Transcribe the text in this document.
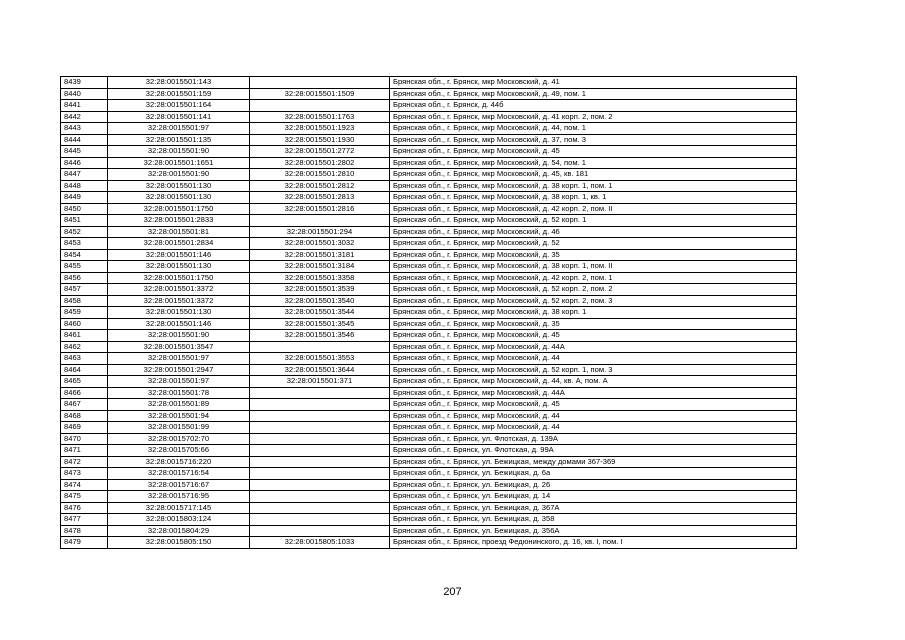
8439	32:28:0015501:143		Брянская обл., г. Брянск, мкр Московский, д. 41
8440	32:28:0015501:159	32:28:0015501:1509	Брянская обл., г. Брянск, мкр Московский, д. 49, пом. 1
8441	32:28:0015501:164		Брянская обл., г. Брянск, д. 44б
8442	32:28:0015501:141	32:28:0015501:1763	Брянская обл., г. Брянск, мкр Московский, д. 41 корп. 2, пом. 2
8443	32:28:0015501:97	32:28:0015501:1923	Брянская обл., г. Брянск, мкр Московский, д. 44, пом. 1
8444	32:28:0015501:135	32:28:0015501:1930	Брянская обл., г. Брянск, мкр Московский, д. 37, пом. 3
8445	32:28:0015501:90	32:28:0015501:2772	Брянская обл., г. Брянск, мкр Московский, д. 45
8446	32:28:0015501:1651	32:28:0015501:2802	Брянская обл., г. Брянск, мкр Московский, д. 54, пом. 1
8447	32:28:0015501:90	32:28:0015501:2810	Брянская обл., г. Брянск, мкр Московский, д. 45, кв. 181
8448	32:28:0015501:130	32:28:0015501:2812	Брянская обл., г. Брянск, мкр Московский, д. 38 корп. 1, пом. 1
8449	32:28:0015501:130	32:28:0015501:2813	Брянская обл., г. Брянск, мкр Московский, д. 38 корп. 1, кв. 1
8450	32:28:0015501:1750	32:28:0015501:2816	Брянская обл., г. Брянск, мкр Московский, д. 42 корп. 2, пом. II
8451	32:28:0015501:2833		Брянская обл., г. Брянск, мкр Московский, д. 52 корп. 1
8452	32:28:0015501:81	32:28:0015501:294	Брянская обл., г. Брянск, мкр Московский, д. 46
8453	32:28:0015501:2834	32:28:0015501:3032	Брянская обл., г. Брянск, мкр Московский, д. 52
8454	32:28:0015501:146	32:28:0015501:3181	Брянская обл., г. Брянск, мкр Московский, д. 35
8455	32:28:0015501:130	32:28:0015501:3184	Брянская обл., г. Брянск, мкр Московский, д. 38 корп. 1, пом. II
8456	32:28:0015501:1750	32:28:0015501:3358	Брянская обл., г. Брянск, мкр Московский, д. 42 корп. 2, пом. 1
8457	32:28:0015501:3372	32:28:0015501:3539	Брянская обл., г. Брянск, мкр Московский, д. 52 корп. 2, пом. 2
8458	32:28:0015501:3372	32:28:0015501:3540	Брянская обл., г. Брянск, мкр Московский, д. 52 корп. 2, пом. 3
8459	32:28:0015501:130	32:28:0015501:3544	Брянская обл., г. Брянск, мкр Московский, д. 38 корп. 1
8460	32:28:0015501:146	32:28:0015501:3545	Брянская обл., г. Брянск, мкр Московский, д. 35
8461	32:28:0015501:90	32:28:0015501:3546	Брянская обл., г. Брянск, мкр Московский, д. 45
8462	32:28:0015501:3547		Брянская обл., г. Брянск, мкр Московский, д. 44А
8463	32:28:0015501:97	32:28:0015501:3553	Брянская обл., г. Брянск, мкр Московский, д. 44
8464	32:28:0015501:2947	32:28:0015501:3644	Брянская обл., г. Брянск, мкр Московский, д. 52 корп. 1, пом. 3
8465	32:28:0015501:97	32:28:0015501:371	Брянская обл., г. Брянск, мкр Московский, д. 44, кв. А, пом. А
8466	32:28:0015501:78		Брянская обл., г. Брянск, мкр Московский, д. 44А
8467	32:28:0015501:89		Брянская обл., г. Брянск, мкр Московский, д. 45
8468	32:28:0015501:94		Брянская обл., г. Брянск, мкр Московский, д. 44
8469	32:28:0015501:99		Брянская обл., г. Брянск, мкр Московский, д. 44
8470	32:28:0015702:70		Брянская обл., г. Брянск, ул. Флотская, д. 139А
8471	32:28:0015705:66		Брянская обл., г. Брянск, ул. Флотская, д. 99А
8472	32:28:0015716:220		Брянская обл., г. Брянск, ул. Бежицкая, между домами 367-369
8473	32:28:0015716:54		Брянская обл., г. Брянск, ул. Бежицкая, д. 6а
8474	32:28:0015716:67		Брянская обл., г. Брянск, ул. Бежицкая, д. 26
8475	32:28:0015716:95		Брянская обл., г. Брянск, ул. Бежицкая, д. 14
8476	32:28:0015717:145		Брянская обл., г. Брянск, ул. Бежицкая, д. 367А
8477	32:28:0015803:124		Брянская обл., г. Брянск, ул. Бежицкая, д. 358
8478	32:28:0015804:29		Брянская обл., г. Брянск, ул. Бежицкая, д. 356А
8479	32:28:0015805:150	32:28:0015805:1033	Брянская обл., г. Брянск, проезд Федюнинского, д. 16, кв. I, пом. I
207
